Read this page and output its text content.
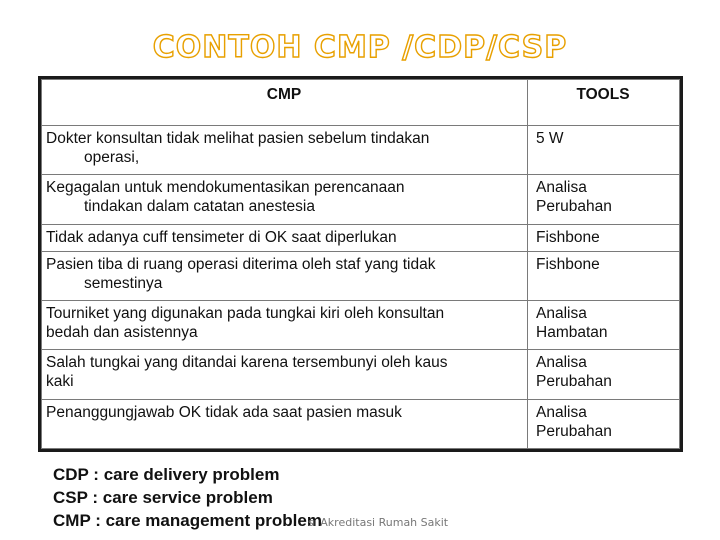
CONTOH CMP /CDP/CSP
CMP	TOOLS

Dokter konsultan tidak melihat pasien sebelum tindakan
operasi,	5 W

Kegagalan untuk mendokumentasikan perencanaan
tindakan dalam catatan anestesia	Analisa
Perubahan

Tidak adanya cuff tensimeter di OK saat diperlukan	Fishbone

Pasien tiba di ruang operasi diterima oleh staf yang tidak
semestinya	Fishbone

Tourniket yang digunakan pada tungkai kiri oleh konsultan
bedah dan asistennya	Analisa
Hambatan

Salah tungkai yang ditandai karena tersembunyi oleh kaus
kaki	Analisa
Perubahan

Penanggungjawab OK tidak ada saat pasien masuk	Analisa
Perubahan
CDP : care delivery problem
CSP : care service problem
CMP : care management problem
si Akreditasi Rumah Sakit
